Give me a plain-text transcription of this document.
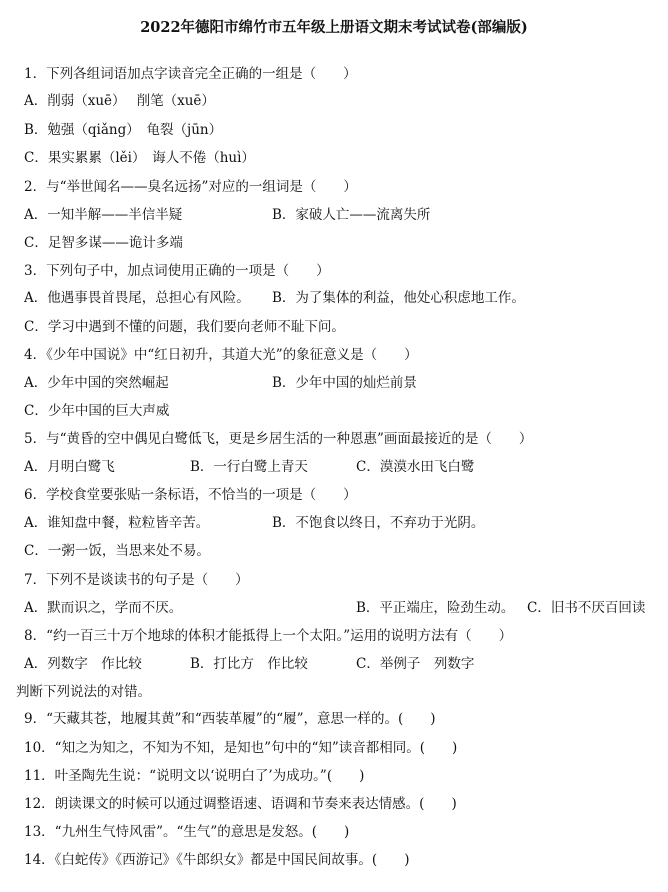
2022年德阳市绵竹市五年级上册语文期末考试试卷(部编版)
1．下列各组词语加点字读音完全正确的一组是（　　）
A．削弱（xuē）　 削笔（xuē）
B．勉强（qiǎng）　龟裂（jūn）
C．果实累累（lěi）　诲人不倦（huì）
2．与“举世闻名——臭名远扬”对应的一组词是（　　）
A．一知半解——半信半疑	B．家破人亡——流离失所
C．足智多谋——诡计多端
3．下列句子中，加点词使用正确的一项是（　　）
A．他遇事畏首畏尾，总担心有风险。 B．为了集体的利益，他处心积虑地工作。
C．学习中遇到不懂的问题，我们要向老师不耻下问。
4．《少年中国说》中“红日初升，其道大光”的象征意义是（　　）
A．少年中国的突然崛起	B．少年中国的灿烂前景
C．少年中国的巨大声威
5．与“黄昏的空中偶见白鹭低飞，更是乡居生活的一种恩惠”画面最接近的是（　　）
A．月明白鹭飞	B．一行白鹭上青天	C．漠漠水田飞白鹭
6．学校食堂要张贴一条标语，不恰当的一项是（　　）
A．谁知盘中餐，粒粒皆辛苦。	B．不饱食以终日，不弃功于光阴。
C．一粥一饭，当思来处不易。
7．下列不是谈读书的句子是（　　）
A．默而识之，学而不厌。	B．平正端庄，险劲生动。 C．旧书不厌百回读
8．“约一百三十万个地球的体积才能抵得上一个太阳。”运用的说明方法有（　　）
A．列数字　作比较	B．打比方　作比较	C．举例子　列数字
判断下列说法的对错。
9．“天藏其苍，地履其黄”和“西装革履”的“履”，意思一样的。(　　)
10．“知之为知之，不知为不知，是知也”句中的“知”读音都相同。(　　)
11．叶圣陶先生说：“说明文以‘说明白了’为成功。”(　　)
12．朗读课文的时候可以通过调整语速、语调和节奏来表达情感。(　　)
13．“九州生气恃风雷”。“生气”的意思是发怒。(　　)
14．《白蛇传》《西游记》《牛郎织女》都是中国民间故事。(　　)
